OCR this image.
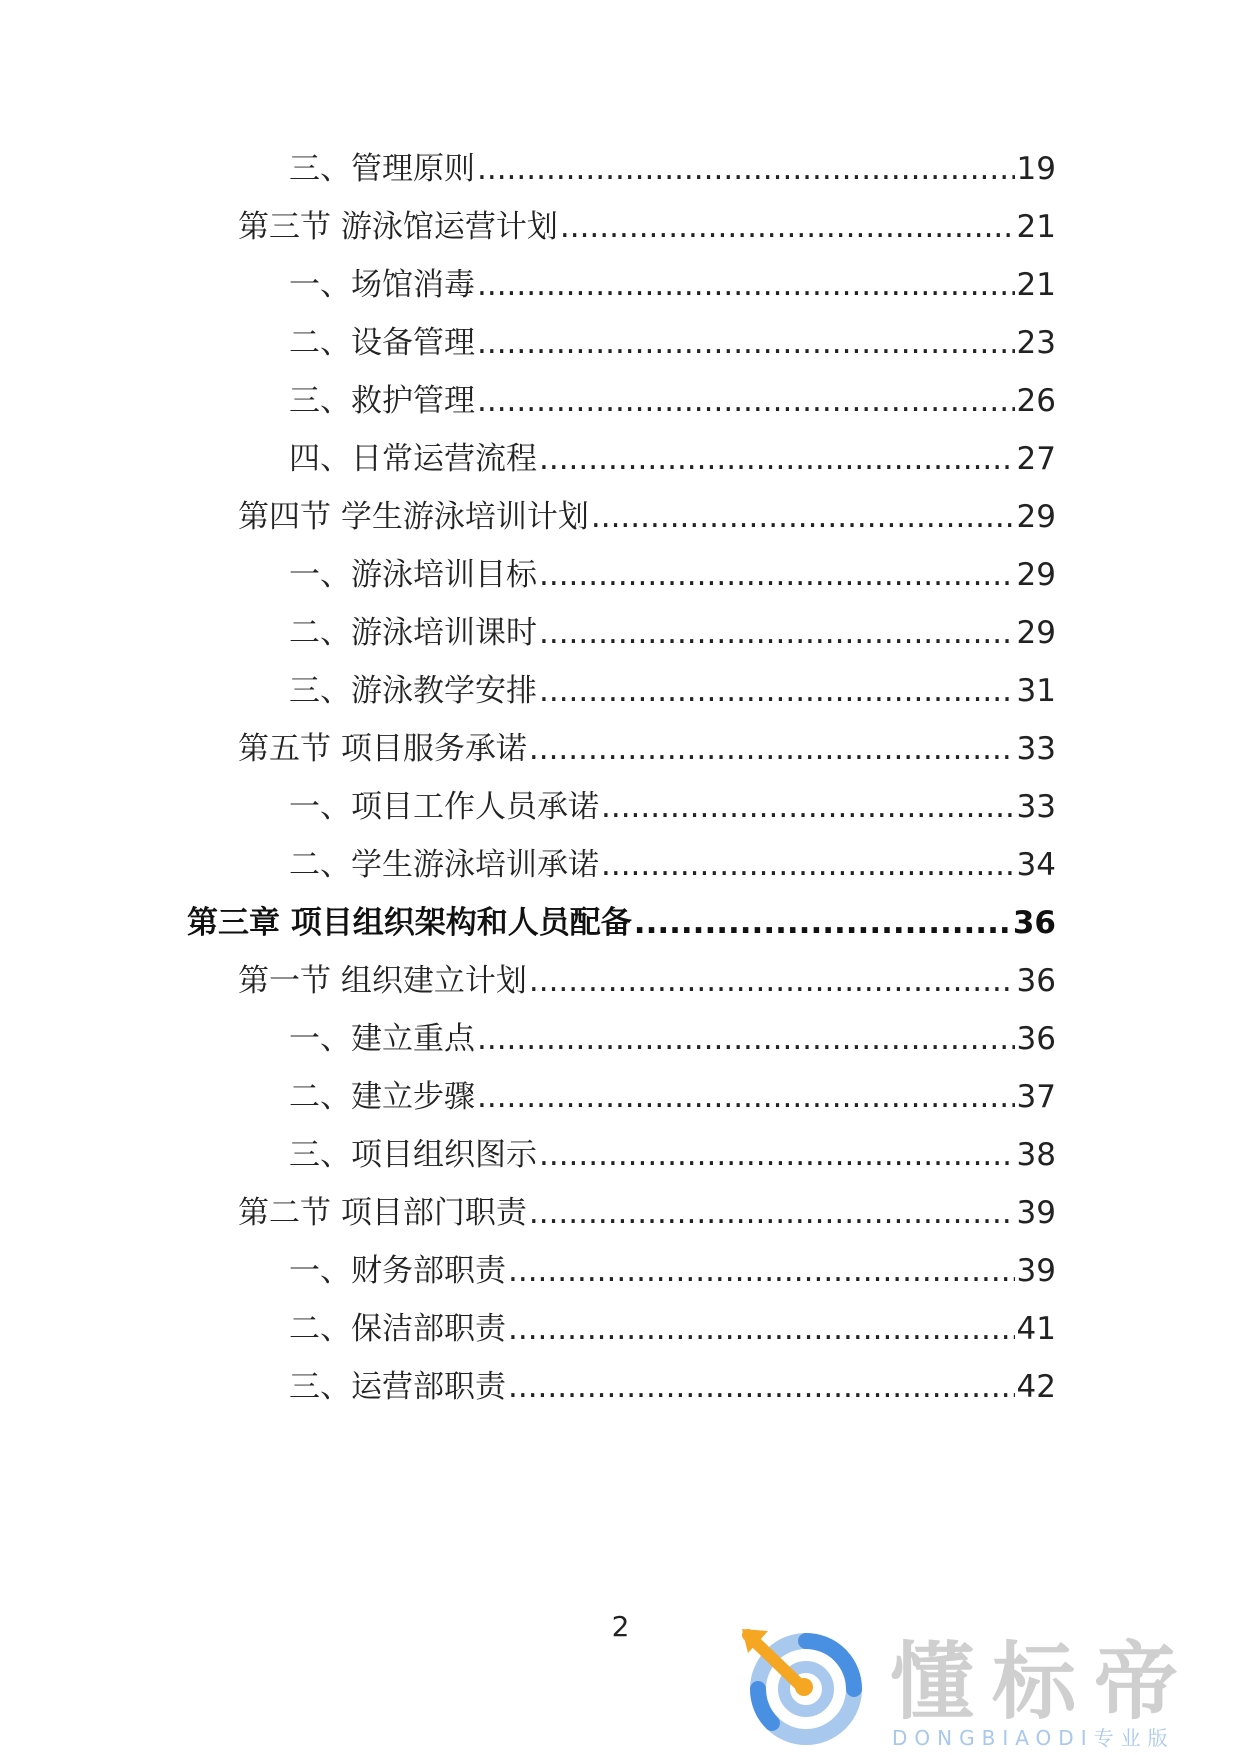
三、管理原则 .....	19
第三节 游泳馆运营计划 .....	21
一、场馆消毒 .....	21
二、设备管理 .....	23
三、救护管理 .....	26
四、日常运营流程 .....	27
第四节 学生游泳培训计划 .....	29
一、游泳培训目标 .....	29
二、游泳培训课时 .....	29
三、游泳教学安排 .....	31
第五节 项目服务承诺 .....	33
一、项目工作人员承诺 .....	33
二、学生游泳培训承诺 .....	34
第三章 项目组织架构和人员配备 .....	36
第一节 组织建立计划 .....	36
一、建立重点 .....	36
二、建立步骤 .....	37
三、项目组织图示 .....	38
第二节 项目部门职责 .....	39
一、财务部职责 .....	39
二、保洁部职责 .....	41
三、运营部职责 .....	42
2
懂标帝
DONGBIAODI专业版
